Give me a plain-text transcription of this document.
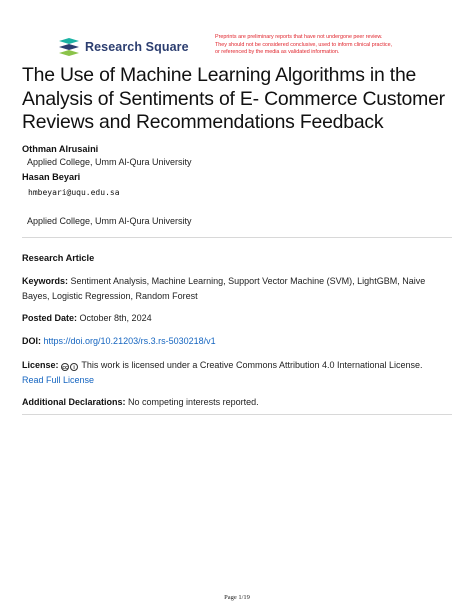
Research Square
Preprints are preliminary reports that have not undergone peer review.
They should not be considered conclusive, used to inform clinical practice,
or referenced by the media as validated information.
The Use of Machine Learning Algorithms in the Analysis of Sentiments of E- Commerce Customer Reviews and Recommendations Feedback
Othman Alrusaini
Applied College, Umm Al-Qura University
Hasan Beyari
hmbeyari@uqu.edu.sa
Applied College, Umm Al-Qura University
Research Article
Keywords: Sentiment Analysis, Machine Learning, Support Vector Machine (SVM), LightGBM, Naive Bayes, Logistic Regression, Random Forest
Posted Date: October 8th, 2024
DOI: https://doi.org/10.21203/rs.3.rs-5030218/v1
License: cc i This work is licensed under a Creative Commons Attribution 4.0 International License.
Read Full License
Additional Declarations: No competing interests reported.
Page 1/19
